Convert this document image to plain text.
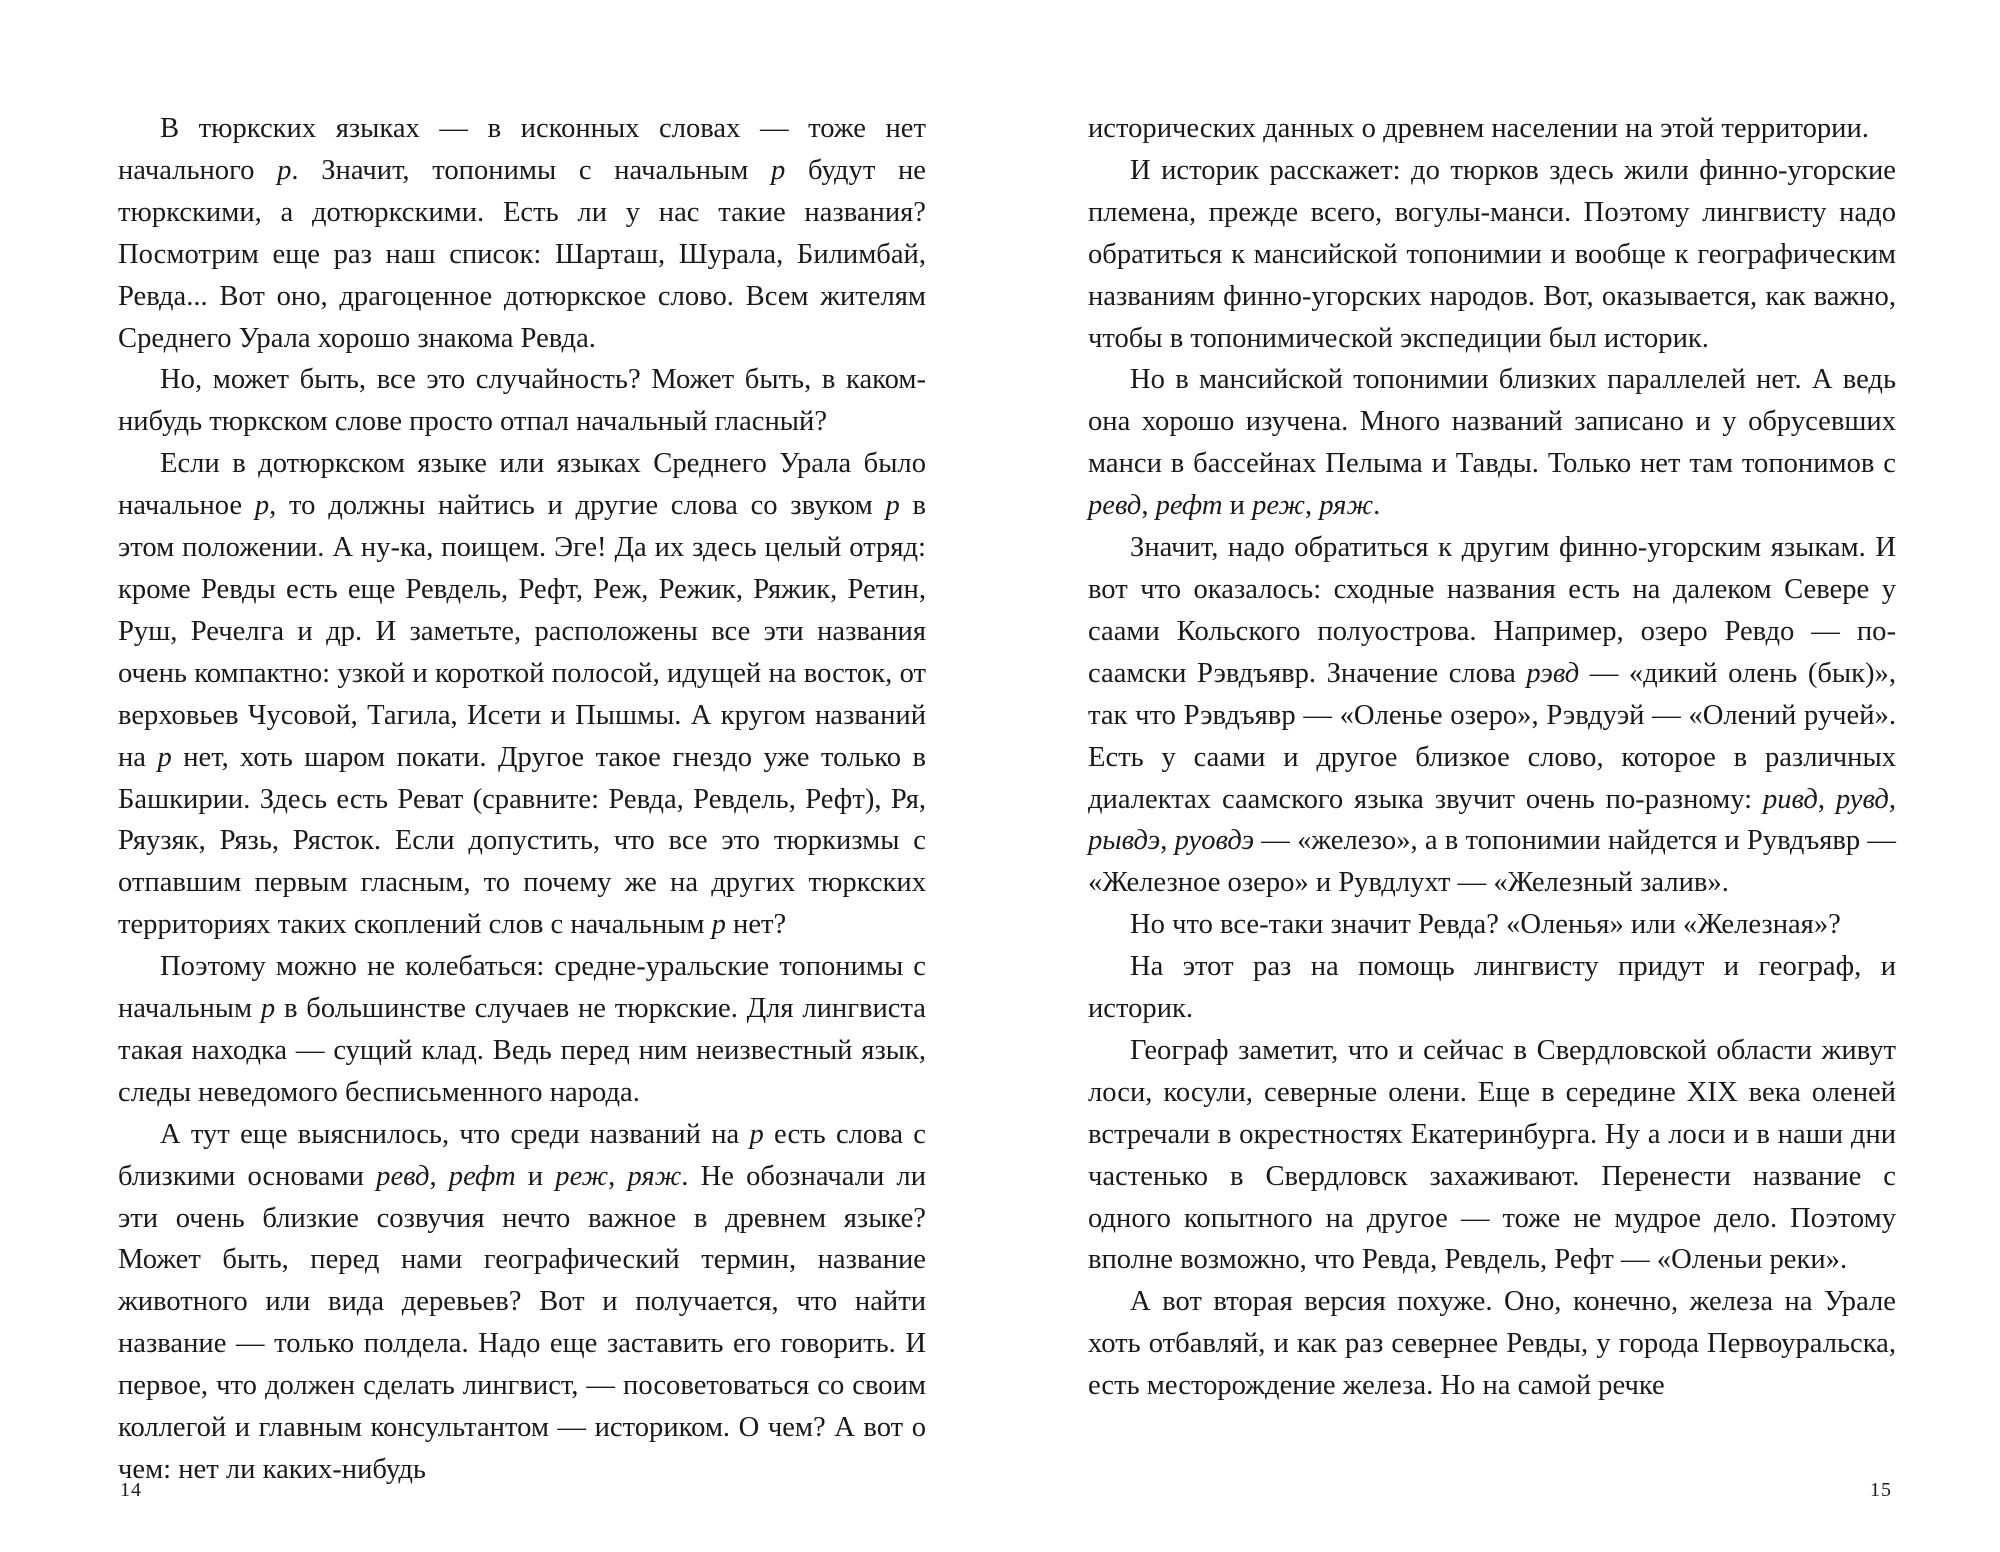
В тюркских языках — в исконных словах — тоже нет начального р. Значит, топонимы с начальным р будут не тюркскими, а дотюркскими. Есть ли у нас такие названия? Посмотрим еще раз наш список: Шарташ, Шурала, Билимбай, Ревда... Вот оно, драгоценное дотюркское слово. Всем жителям Среднего Урала хорошо знакома Ревда.

Но, может быть, все это случайность? Может быть, в каком-нибудь тюркском слове просто отпал начальный гласный?

Если в дотюркском языке или языках Среднего Урала было начальное р, то должны найтись и другие слова со звуком р в этом положении. А ну-ка, поищем. Эге! Да их здесь целый отряд: кроме Ревды есть еще Ревдель, Рефт, Реж, Режик, Ряжик, Ретин, Руш, Речелга и др. И заметьте, расположены все эти названия очень компактно: узкой и короткой полосой, идущей на восток, от верховьев Чусовой, Тагила, Исети и Пышмы. А кругом названий на р нет, хоть шаром покати. Другое такое гнездо уже только в Башкирии. Здесь есть Реват (сравните: Ревда, Ревдель, Рефт), Ря, Ряузяк, Рязь, Рясток. Если допустить, что все это тюркизмы с отпавшим первым гласным, то почему же на других тюркских территориях таких скоплений слов с начальным р нет?

Поэтому можно не колебаться: средне-уральские топонимы с начальным р в большинстве случаев не тюркские. Для лингвиста такая находка — сущий клад. Ведь перед ним неизвестный язык, следы неведомого бесписьменного народа.

А тут еще выяснилось, что среди названий на р есть слова с близкими основами ревд, рефт и реж, ряж. Не обозначали ли эти очень близкие созвучия нечто важное в древнем языке? Может быть, перед нами географический термин, название животного или вида деревьев? Вот и получается, что найти название — только полдела. Надо еще заставить его говорить. И первое, что должен сделать лингвист, — посоветоваться со своим коллегой и главным консультантом — историком. О чем? А вот о чем: нет ли каких-нибудь

исторических данных о древнем населении на этой территории.

И историк расскажет: до тюрков здесь жили финно-угорские племена, прежде всего, вогулы-манси. Поэтому лингвисту надо обратиться к мансийской топонимии и вообще к географическим названиям финно-угорских народов. Вот, оказывается, как важно, чтобы в топонимической экспедиции был историк.

Но в мансийской топонимии близких параллелей нет. А ведь она хорошо изучена. Много названий записано и у обрусевших манси в бассейнах Пелыма и Тавды. Только нет там топонимов с ревд, рефт и реж, ряж.

Значит, надо обратиться к другим финно-угорским языкам. И вот что оказалось: сходные названия есть на далеком Севере у саами Кольского полуострова. Например, озеро Ревдо — по-саамски Рэвдъявр. Значение слова рэвд — «дикий олень (бык)», так что Рэвдъявр — «Оленье озеро», Рэвдуэй — «Олений ручей». Есть у саами и другое близкое слово, которое в различных диалектах саамского языка звучит очень по-разному: ривд, рувд, рывдэ, руовдэ — «железо», а в топонимии найдется и Рувдъявр — «Железное озеро» и Рувдлухт — «Железный залив».

Но что все-таки значит Ревда? «Оленья» или «Железная»?

На этот раз на помощь лингвисту придут и географ, и историк.

Географ заметит, что и сейчас в Свердловской области живут лоси, косули, северные олени. Еще в середине XIX века оленей встречали в окрестностях Екатеринбурга. Ну а лоси и в наши дни частенько в Свердловск захаживают. Перенести название с одного копытного на другое — тоже не мудрое дело. Поэтому вполне возможно, что Ревда, Ревдель, Рефт — «Оленьи реки».

А вот вторая версия похуже. Оно, конечно, железа на Урале хоть отбавляй, и как раз севернее Ревды, у города Первоуральска, есть месторождение железа. Но на самой речке

14	15
